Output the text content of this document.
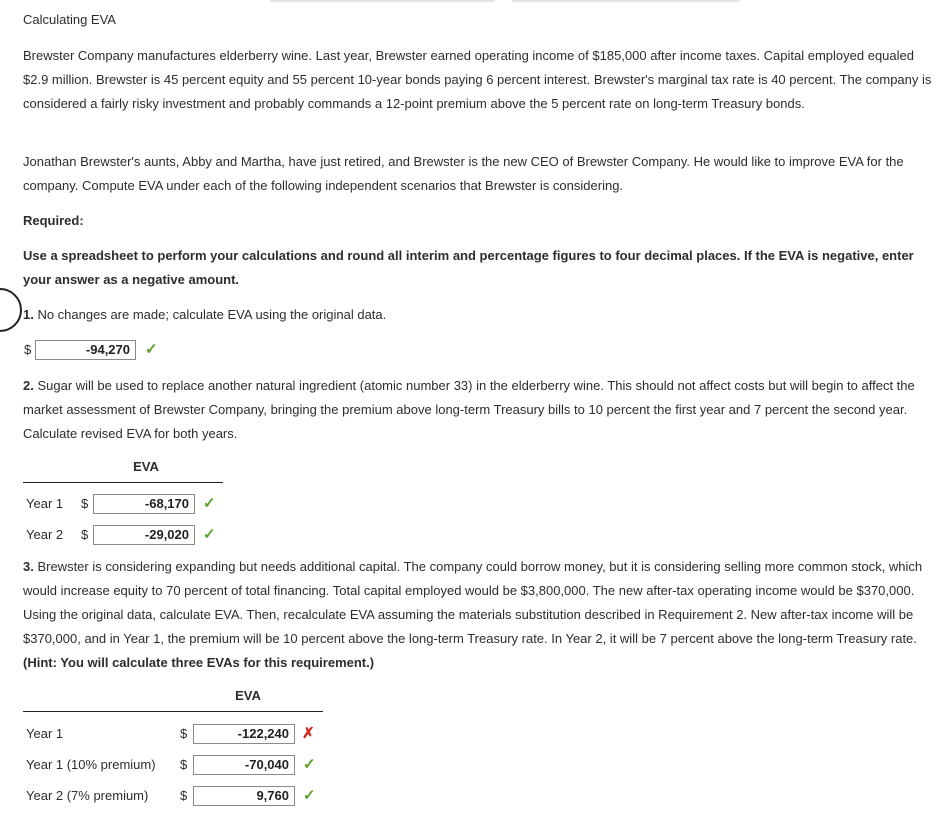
Calculating EVA

Brewster Company manufactures elderberry wine. Last year, Brewster earned operating income of $185,000 after income taxes. Capital employed equaled $2.9 million. Brewster is 45 percent equity and 55 percent 10-year bonds paying 6 percent interest. Brewster's marginal tax rate is 40 percent. The company is considered a fairly risky investment and probably commands a 12-point premium above the 5 percent rate on long-term Treasury bonds.

Jonathan Brewster's aunts, Abby and Martha, have just retired, and Brewster is the new CEO of Brewster Company. He would like to improve EVA for the company. Compute EVA under each of the following independent scenarios that Brewster is considering.

Required:

Use a spreadsheet to perform your calculations and round all interim and percentage figures to four decimal places. If the EVA is negative, enter your answer as a negative amount.

1. No changes are made; calculate EVA using the original data.

$	-94,270	✓

2. Sugar will be used to replace another natural ingredient (atomic number 33) in the elderberry wine. This should not affect costs but will begin to affect the market assessment of Brewster Company, bringing the premium above long-term Treasury bills to 10 percent the first year and 7 percent the second year. Calculate revised EVA for both years.

EVA
Year 1 $	-68,170 ✓
Year 2 $	-29,020 ✓

3. Brewster is considering expanding but needs additional capital. The company could borrow money, but it is considering selling more common stock, which would increase equity to 70 percent of total financing. Total capital employed would be $3,800,000. The new after-tax operating income would be $370,000. Using the original data, calculate EVA. Then, recalculate EVA assuming the materials substitution described in Requirement 2. New after-tax income will be $370,000, and in Year 1, the premium will be 10 percent above the long-term Treasury rate. In Year 2, it will be 7 percent above the long-term Treasury rate. (Hint: You will calculate three EVAs for this requirement.)

EVA
Year 1	$	-122,240 ✗
Year 1 (10% premium) $	-70,040 ✓
Year 2 (7% premium) $	9,760 ✓
